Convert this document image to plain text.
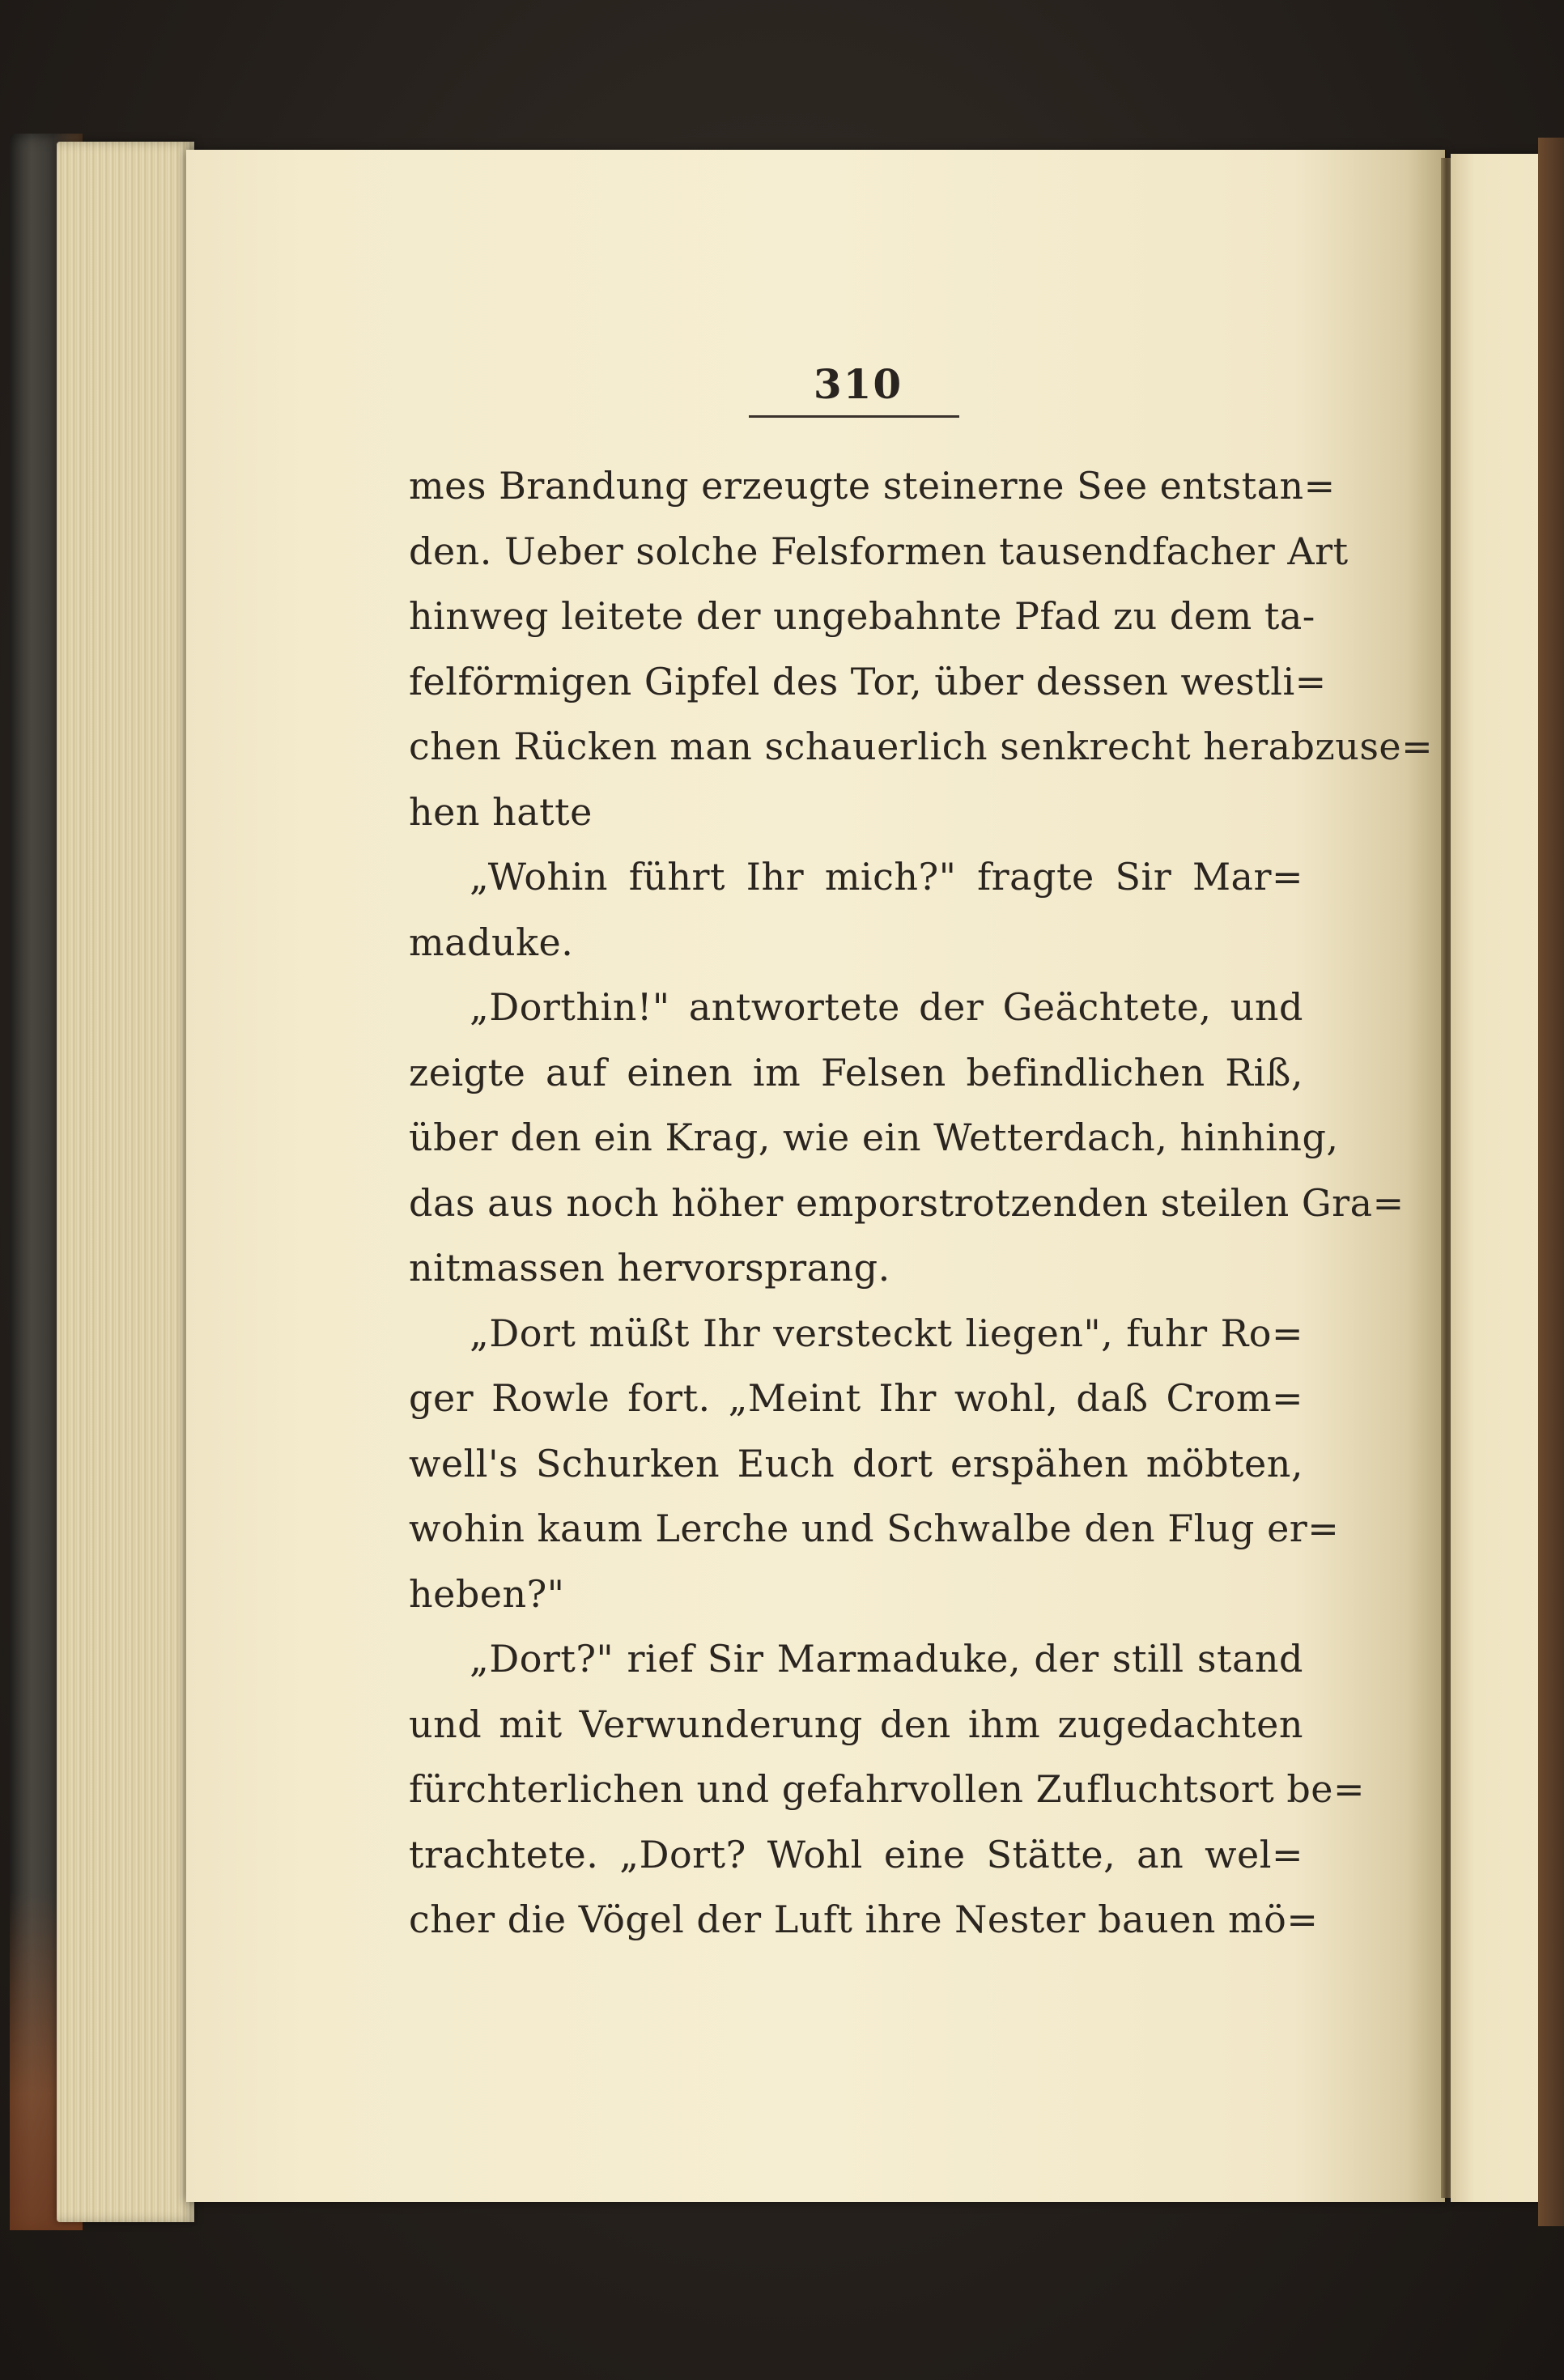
310
mes Brandung erzeugte steinerne See entstan=
den. Ueber solche Felsformen tausendfacher Art
hinweg leitete der ungebahnte Pfad zu dem ta-
felförmigen Gipfel des Tor, über dessen westli=
chen Rücken man schauerlich senkrecht herabzuse=
hen hatte
„Wohin führt Ihr mich?" fragte Sir Mar=
maduke.
„Dorthin!" antwortete der Geächtete, und
zeigte auf einen im Felsen befindlichen Riß,
über den ein Krag, wie ein Wetterdach, hinhing,
das aus noch höher emporstrotzenden steilen Gra=
nitmassen hervorsprang.
„Dort müßt Ihr versteckt liegen", fuhr Ro=
ger Rowle fort. „Meint Ihr wohl, daß Crom=
well's Schurken Euch dort erspähen möbten,
wohin kaum Lerche und Schwalbe den Flug er=
heben?"
„Dort?" rief Sir Marmaduke, der still stand
und mit Verwunderung den ihm zugedachten
fürchterlichen und gefahrvollen Zufluchtsort be=
trachtete. „Dort? Wohl eine Stätte, an wel=
cher die Vögel der Luft ihre Nester bauen mö=
